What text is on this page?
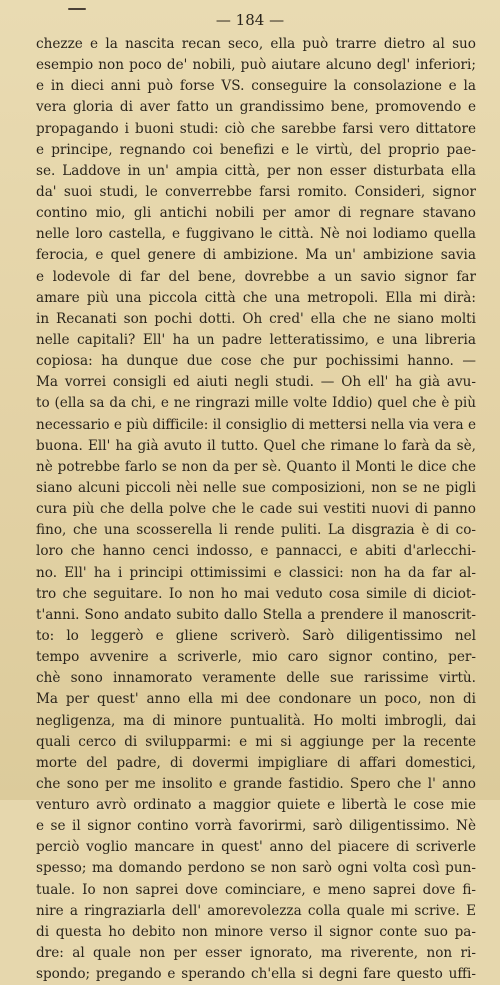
— 184 —
chezze e la nascita recan seco, ella può trarre dietro al suo
esempio non poco de' nobili, può aiutare alcuno degl' inferiori;
e in dieci anni può forse VS. conseguire la consolazione e la
vera gloria di aver fatto un grandissimo bene, promovendo e
propagando i buoni studi: ciò che sarebbe farsi vero dittatore
e principe, regnando coi benefizi e le virtù, del proprio pae-
se. Laddove in un' ampia città, per non esser disturbata ella
da' suoi studi, le converrebbe farsi romito. Consideri, signor
contino mio, gli antichi nobili per amor di regnare stavano
nelle loro castella, e fuggivano le città. Nè noi lodiamo quella
ferocia, e quel genere di ambizione. Ma un' ambizione savia
e lodevole di far del bene, dovrebbe a un savio signor far
amare più una piccola città che una metropoli. Ella mi dirà:
in Recanati son pochi dotti. Oh cred' ella che ne siano molti
nelle capitali? Ell' ha un padre letteratissimo, e una libreria
copiosa: ha dunque due cose che pur pochissimi hanno. —
Ma vorrei consigli ed aiuti negli studi. — Oh ell' ha già avu-
to (ella sa da chi, e ne ringrazi mille volte Iddio) quel che è più
necessario e più difficile: il consiglio di mettersi nella via vera e
buona. Ell' ha già avuto il tutto. Quel che rimane lo farà da sè,
nè potrebbe farlo se non da per sè. Quanto il Monti le dice che
siano alcuni piccoli nèi nelle sue composizioni, non se ne pigli
cura più che della polve che le cade sui vestiti nuovi di panno
fino, che una scosserella li rende puliti. La disgrazia è di co-
loro che hanno cenci indosso, e pannacci, e abiti d'arlecchi-
no. Ell' ha i principi ottimissimi e classici: non ha da far al-
tro che seguitare. Io non ho mai veduto cosa simile di diciot-
t'anni. Sono andato subito dallo Stella a prendere il manoscrit-
to: lo leggerò e gliene scriverò. Sarò diligentissimo nel
tempo avvenire a scriverle, mio caro signor contino, per-
chè sono innamorato veramente delle sue rarissime virtù.
Ma per quest' anno ella mi dee condonare un poco, non di
negligenza, ma di minore puntualità. Ho molti imbrogli, dai
quali cerco di svilupparmi: e mi si aggiunge per la recente
morte del padre, di dovermi impigliare di affari domestici,
che sono per me insolito e grande fastidio. Spero che l' anno
venturo avrò ordinato a maggior quiete e libertà le cose mie
e se il signor contino vorrà favorirmi, sarò diligentissimo. Nè
perciò voglio mancare in quest' anno del piacere di scriverle
spesso; ma domando perdono se non sarò ogni volta così pun-
tuale. Io non saprei dove cominciare, e meno saprei dove fi-
nire a ringraziarla dell' amorevolezza colla quale mi scrive. E
di questa ho debito non minore verso il signor conte suo pa-
dre: al quale non per esser ignorato, ma riverente, non ri-
spondo; pregando e sperando ch'ella si degni fare questo uffi-
